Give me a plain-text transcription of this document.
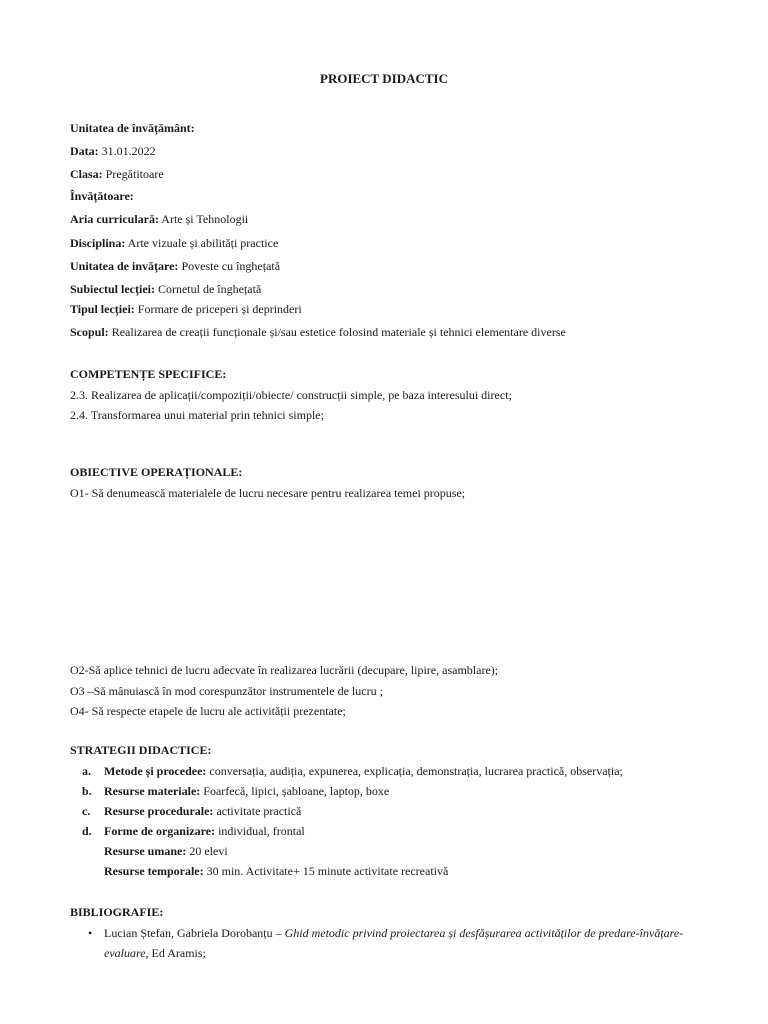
PROIECT DIDACTIC
Unitatea de învățământ:
Data: 31.01.2022
Clasa: Pregătitoare
Învățătoare:
Aria curriculară: Arte și Tehnologii
Disciplina: Arte vizuale și abilități practice
Unitatea de invățare: Poveste cu înghețată
Subiectul lecției: Cornetul de înghețată
Tipul lecției: Formare de priceperi și deprinderi
Scopul: Realizarea de creații funcționale și/sau estetice folosind materiale și tehnici elementare diverse
COMPETENȚE SPECIFICE:
2.3. Realizarea de aplicații/compoziții/obiecte/ construcții simple, pe baza interesului direct;
2.4. Transformarea unui material prin tehnici simple;
OBIECTIVE OPERAȚIONALE:
O1- Să denumească materialele de lucru necesare pentru realizarea temei propuse;
O2-Să aplice tehnici de lucru adecvate în realizarea lucrării (decupare, lipire, asamblare);
O3 –Să mânuiască în mod corespunzător instrumentele de lucru ;
O4- Să respecte etapele de lucru ale activității prezentate;
STRATEGII DIDACTICE:
a. Metode și procedee: conversația, audiția, expunerea, explicația, demonstrația, lucrarea practică, observația;
b. Resurse materiale: Foarfecă, lipici, șabloane, laptop, boxe
c. Resurse procedurale: activitate practică
d. Forme de organizare: individual, frontal
Resurse umane: 20 elevi
Resurse temporale: 30 min. Activitate+ 15 minute activitate recreativă
BIBLIOGRAFIE:
• Lucian Ștefan, Gabriela Dorobanțu – Ghid metodic privind proiectarea și desfășurarea activităților de predare-învățare-
evaluare, Ed Aramis;
